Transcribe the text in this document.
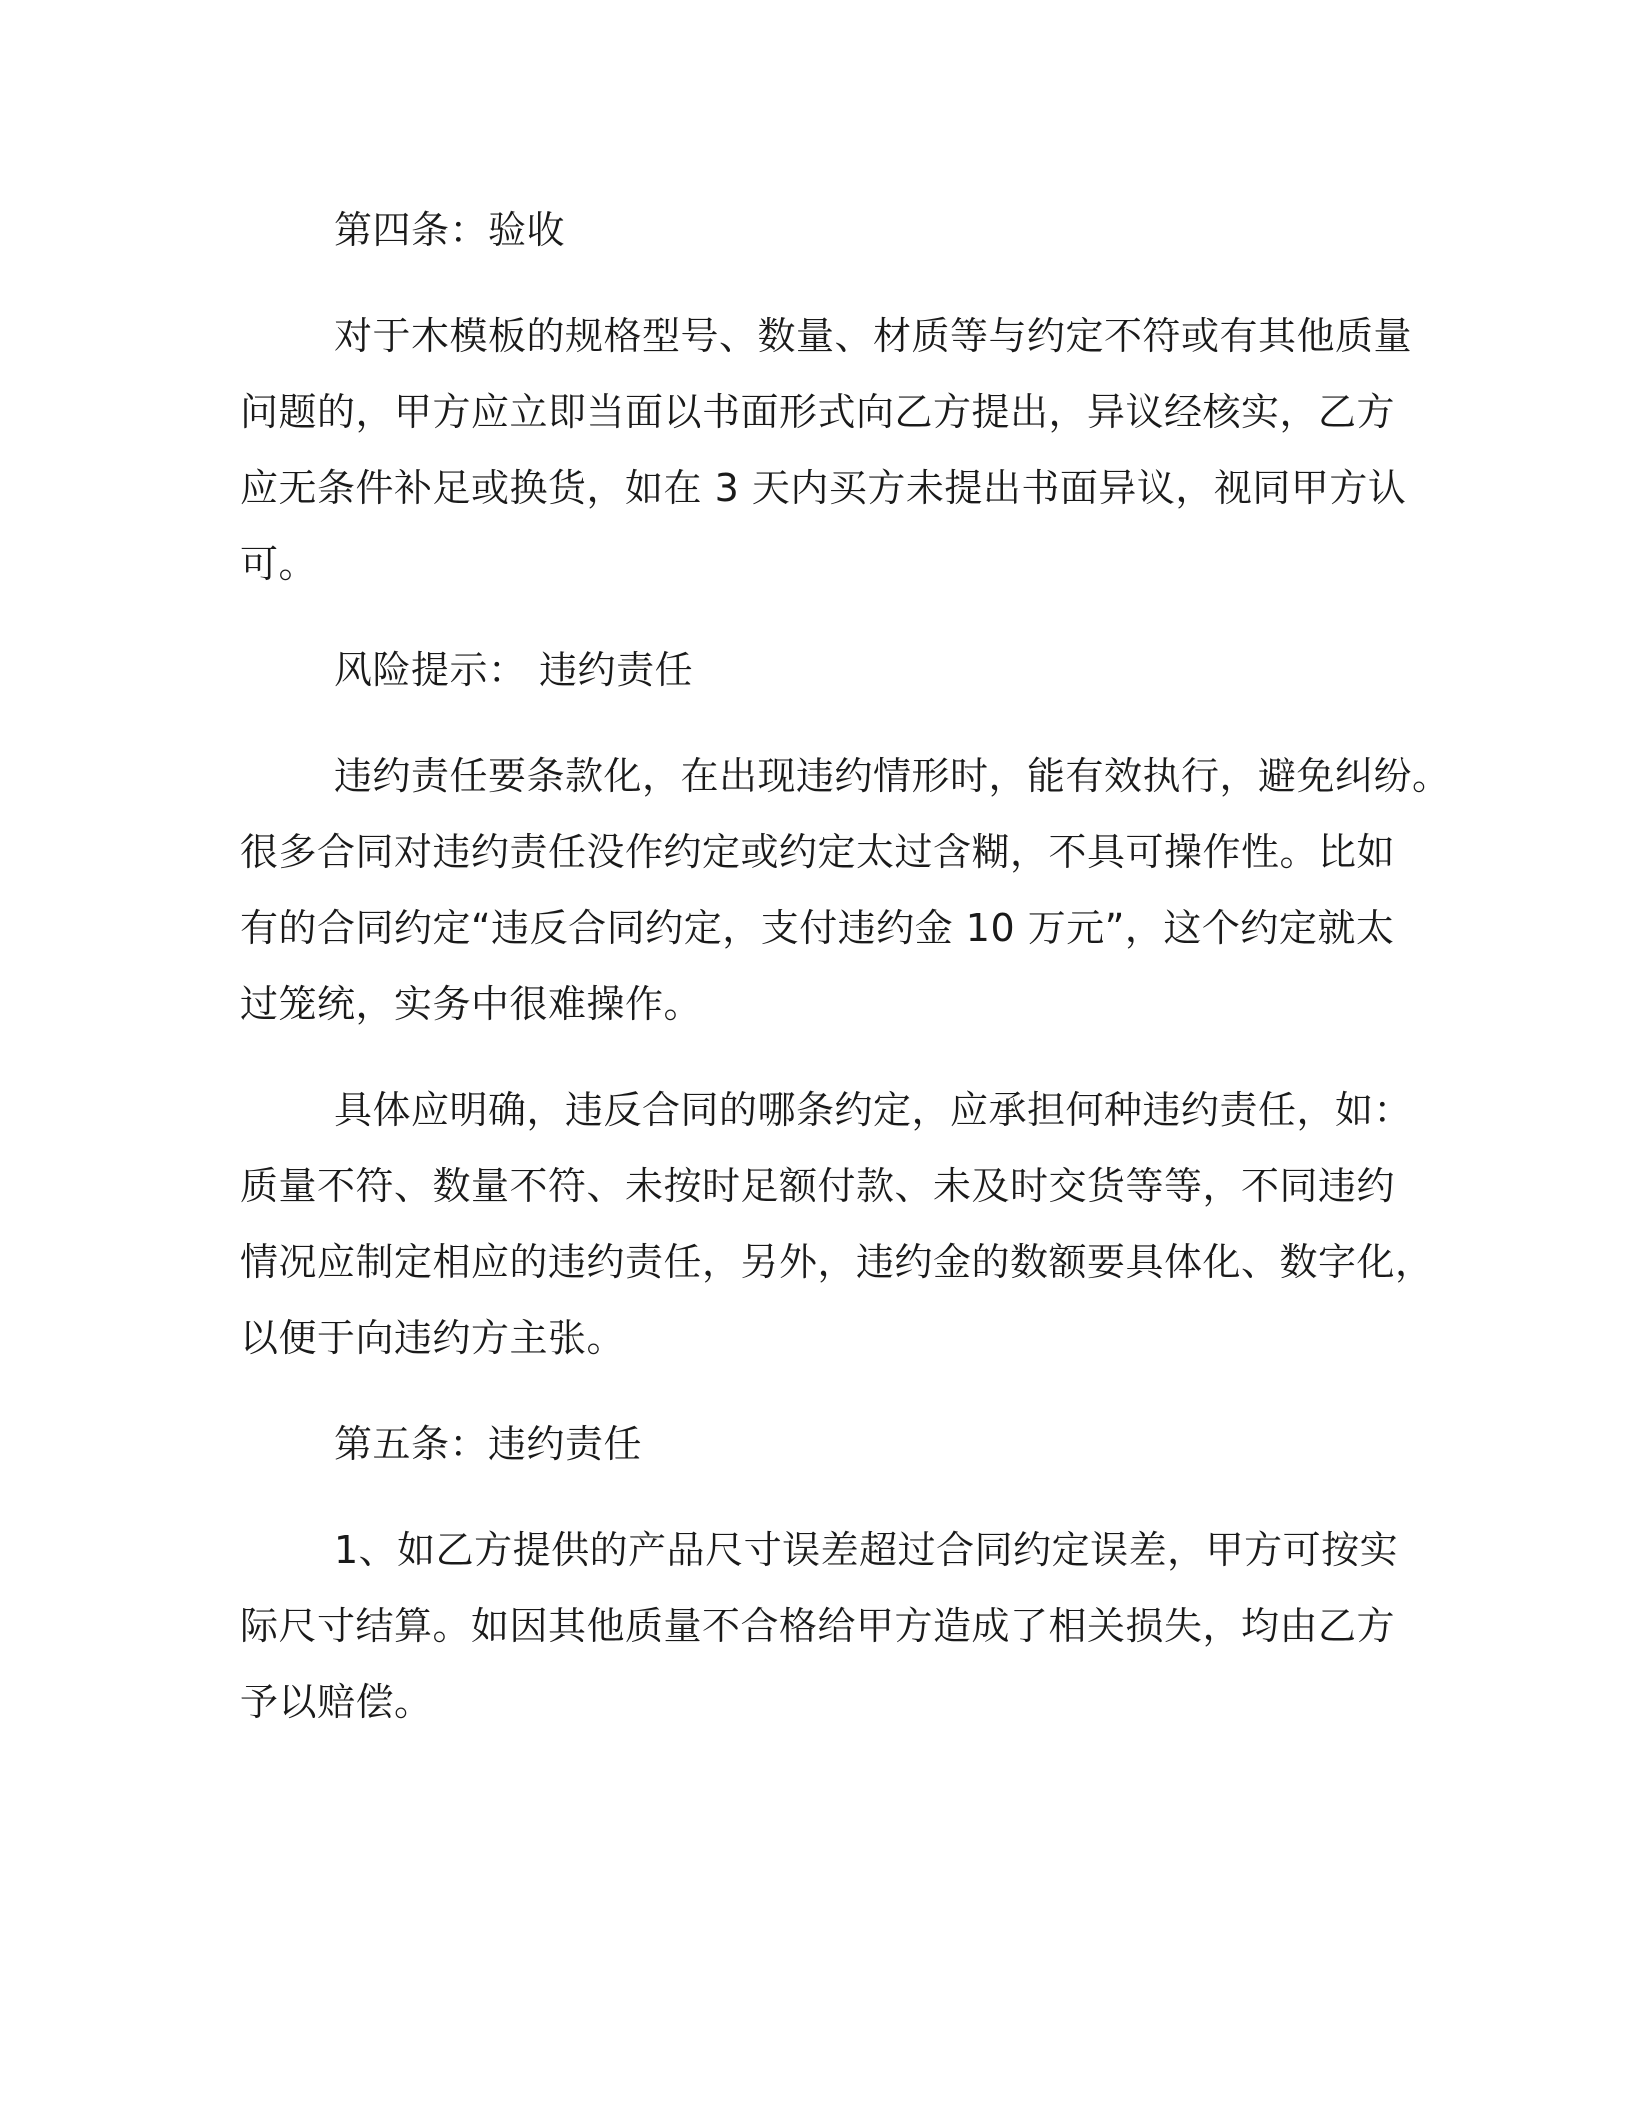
第四条：验收
对于木模板的规格型号、数量、材质等与约定不符或有其他质量
问题的，甲方应立即当面以书面形式向乙方提出，异议经核实，乙方
应无条件补足或换货，如在 3 天内买方未提出书面异议，视同甲方认
可。
风险提示： 违约责任
违约责任要条款化，在出现违约情形时，能有效执行，避免纠纷。
很多合同对违约责任没作约定或约定太过含糊，不具可操作性。比如
有的合同约定“违反合同约定，支付违约金 10 万元”，这个约定就太
过笼统，实务中很难操作。
具体应明确，违反合同的哪条约定，应承担何种违约责任，如：
质量不符、数量不符、未按时足额付款、未及时交货等等，不同违约
情况应制定相应的违约责任，另外，违约金的数额要具体化、数字化，
以便于向违约方主张。
第五条：违约责任
1、如乙方提供的产品尺寸误差超过合同约定误差，甲方可按实
际尺寸结算。如因其他质量不合格给甲方造成了相关损失，均由乙方
予以赔偿。
